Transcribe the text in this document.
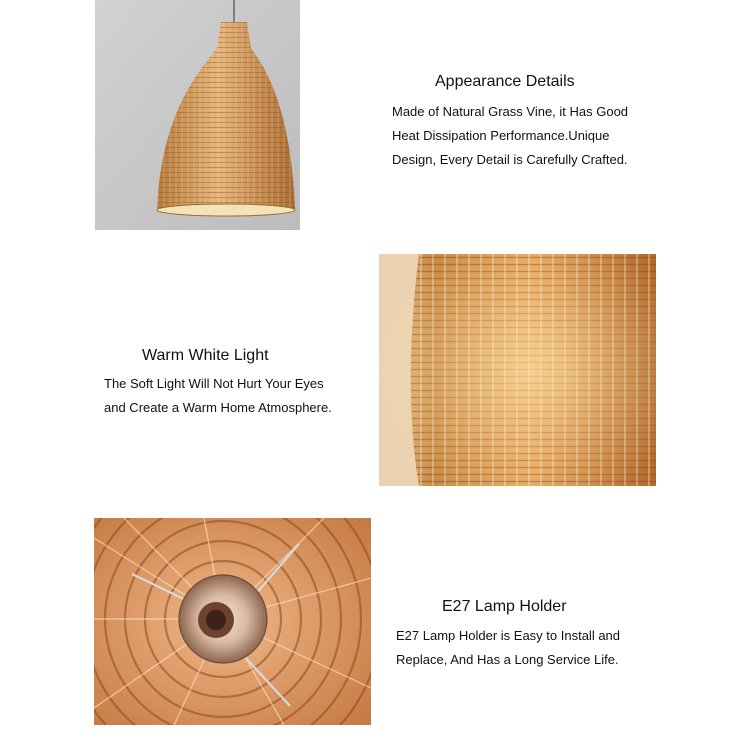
Appearance Details

Made of Natural Grass Vine, it Has Good

Heat Dissipation Performance.Unique

Design, Every Detail is Carefully Crafted.

Warm White Light

The Soft Light Will Not Hurt Your Eyes

and Create a Warm Home Atmosphere.

E27 Lamp Holder

E27 Lamp Holder is Easy to Install and

Replace, And Has a Long Service Life.
